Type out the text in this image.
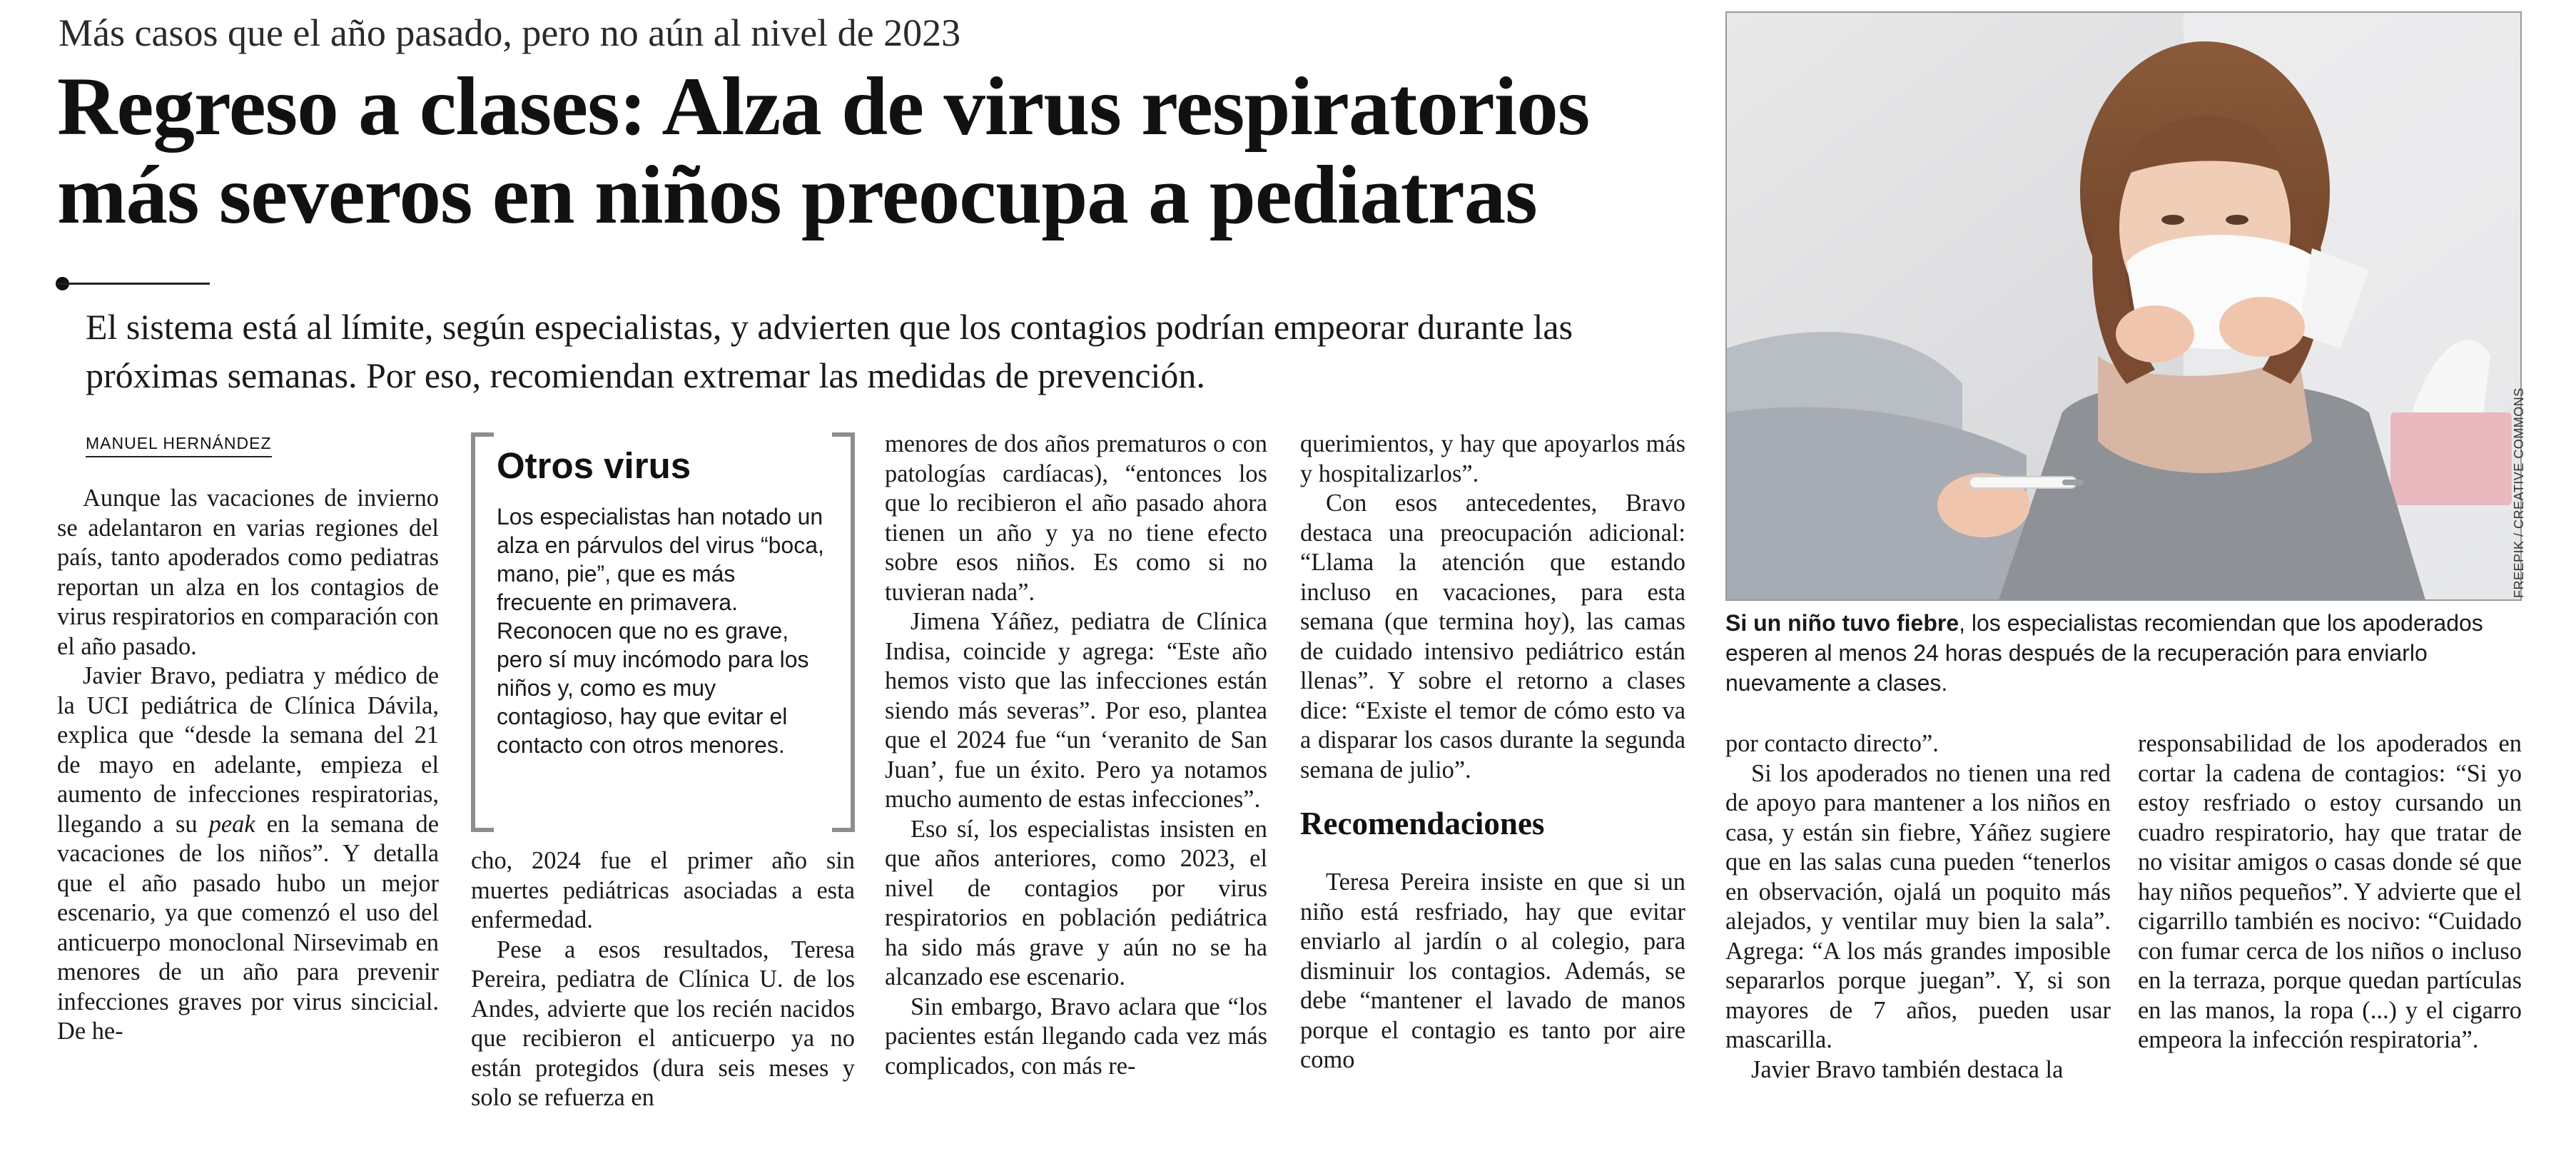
Más casos que el año pasado, pero no aún al nivel de 2023
Regreso a clases: Alza de virus respiratorios más severos en niños preocupa a pediatras
El sistema está al límite, según especialistas, y advierten que los contagios podrían empeorar durante las próximas semanas. Por eso, recomiendan extremar las medidas de prevención.
MANUEL HERNÁNDEZ

Aunque las vacaciones de invierno se adelantaron en varias regiones del país, tanto apoderados como pediatras reportan un alza en los contagios de virus respiratorios en comparación con el año pasado.

Javier Bravo, pediatra y médico de la UCI pediátrica de Clínica Dávila, explica que “desde la semana del 21 de mayo en adelante, empieza el aumento de infecciones respiratorias, llegando a su peak en la semana de vacaciones de los niños”. Y detalla que el año pasado hubo un mejor escenario, ya que comenzó el uso del anticuerpo monoclonal Nirsevimab en menores de un año para prevenir infecciones graves por virus sincicial. De he-

Otros virus
Los especialistas han notado un alza en párvulos del virus “boca, mano, pie”, que es más frecuente en primavera. Reconocen que no es grave, pero sí muy incómodo para los niños y, como es muy contagioso, hay que evitar el contacto con otros menores.

cho, 2024 fue el primer año sin muertes pediátricas asociadas a esta enfermedad.

Pese a esos resultados, Teresa Pereira, pediatra de Clínica U. de los Andes, advierte que los recién nacidos que recibieron el anticuerpo ya no están protegidos (dura seis meses y solo se refuerza en

menores de dos años prematuros o con patologías cardíacas), “entonces los que lo recibieron el año pasado ahora tienen un año y ya no tiene efecto sobre esos niños. Es como si no tuvieran nada”.

Jimena Yáñez, pediatra de Clínica Indisa, coincide y agrega: “Este año hemos visto que las infecciones están siendo más severas”. Por eso, plantea que el 2024 fue “un ‘veranito de San Juan’, fue un éxito. Pero ya notamos mucho aumento de estas infecciones”.

Eso sí, los especialistas insisten en que años anteriores, como 2023, el nivel de contagios por virus respiratorios en población pediátrica ha sido más grave y aún no se ha alcanzado ese escenario.

Sin embargo, Bravo aclara que “los pacientes están llegando cada vez más complicados, con más re-

querimientos, y hay que apoyarlos más y hospitalizarlos”.

Con esos antecedentes, Bravo destaca una preocupación adicional: “Llama la atención que estando incluso en vacaciones, para esta semana (que termina hoy), las camas de cuidado intensivo pediátrico están llenas”. Y sobre el retorno a clases dice: “Existe el temor de cómo esto va a disparar los casos durante la segunda semana de julio”.

Recomendaciones

Teresa Pereira insiste en que si un niño está resfriado, hay que evitar enviarlo al jardín o al colegio, para disminuir los contagios. Además, se debe “mantener el lavado de manos porque el contagio es tanto por aire como

FREEPIK / CREATIVE COMMONS
Si un niño tuvo fiebre, los especialistas recomiendan que los apoderados esperen al menos 24 horas después de la recuperación para enviarlo nuevamente a clases.

por contacto directo”.

Si los apoderados no tienen una red de apoyo para mantener a los niños en casa, y están sin fiebre, Yáñez sugiere que en las salas cuna pueden “tenerlos en observación, ojalá un poquito más alejados, y ventilar muy bien la sala”. Agrega: “A los más grandes imposible separarlos porque juegan”. Y, si son mayores de 7 años, pueden usar mascarilla.

Javier Bravo también destaca la

responsabilidad de los apoderados en cortar la cadena de contagios: “Si yo estoy resfriado o estoy cursando un cuadro respiratorio, hay que tratar de no visitar amigos o casas donde sé que hay niños pequeños”. Y advierte que el cigarrillo también es nocivo: “Cuidado con fumar cerca de los niños o incluso en la terraza, porque quedan partículas en las manos, la ropa (...) y el cigarro empeora la infección respiratoria”.
